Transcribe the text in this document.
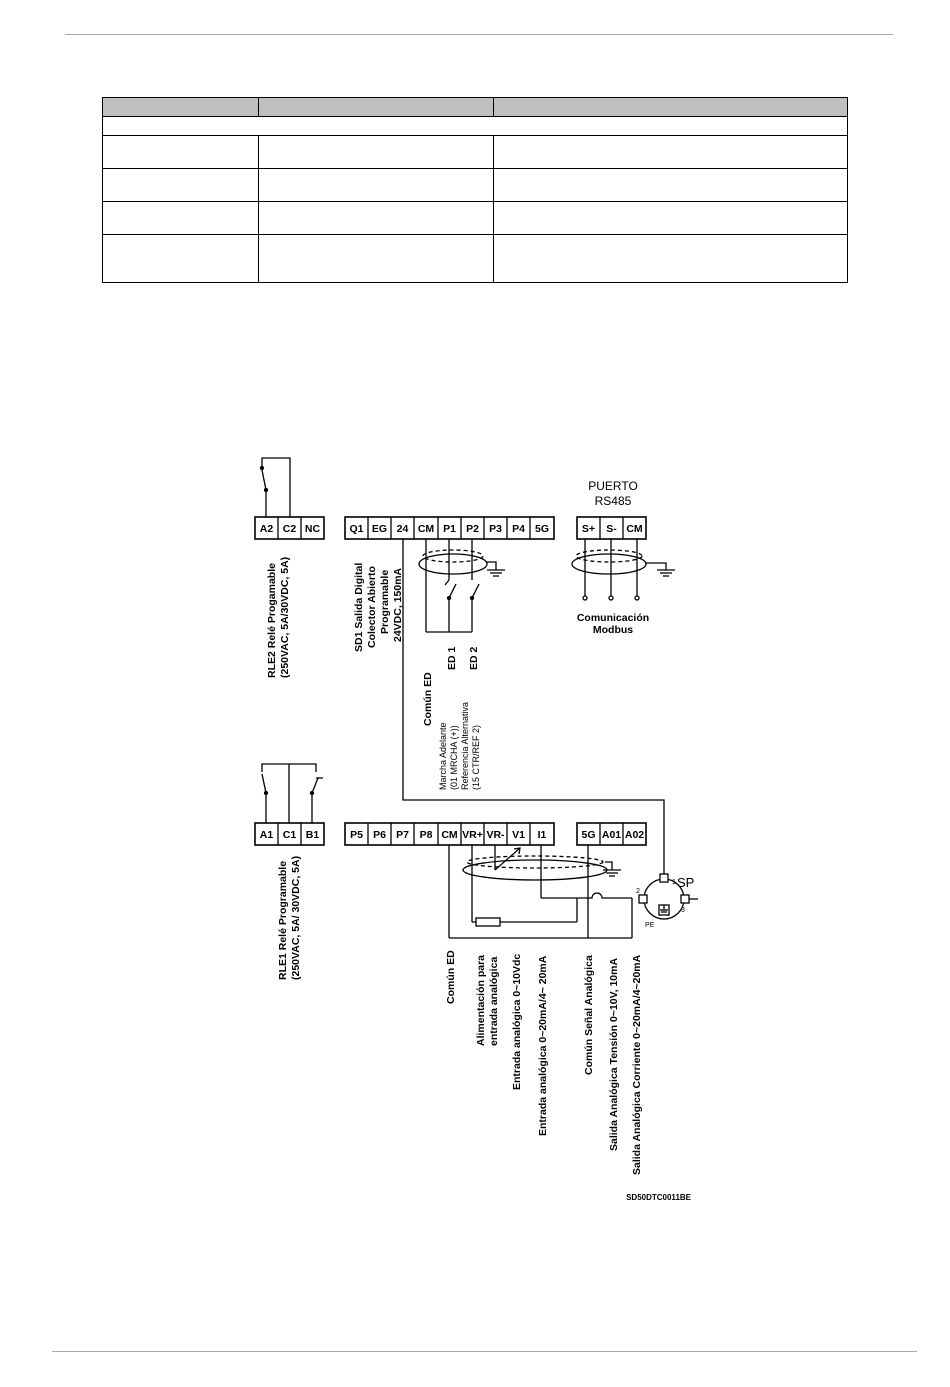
A2 C2 NC
RLE2 Relé Progamable (250VAC, 5A/30VDC, 5A)
Q1 EG 24 CM P1 P2 P3 P4 5G
SD1 Salida Digital Colector Abierto Programable 24VDC, 150mA
Común ED
ED 1 ED 2
Marcha Adelante (01 MRCHA (+)) Referencia Alternativa (15 CTR/REF 2)
PUERTO
RS485
S+ S- CM
Comunicación
Modbus
A1 C1 B1
RLE1 Relé Programable (250VAC, 5A/ 30VDC, 5A)
P5 P6 P7 P8 CM VR+ VR- V1 I1	5G A01 A02
1
2
3
PE
SP
Común ED Alimentación para entrada analógica Entrada analógica 0~10Vdc Entrada analógica 0~20mA/4~ 20mA	Común Señal Analógica Salida Analógica Tensión 0~10V, 10mA Salida Analógica Corriente 0~20mA/4~20mA
SD50DTC0011BE
